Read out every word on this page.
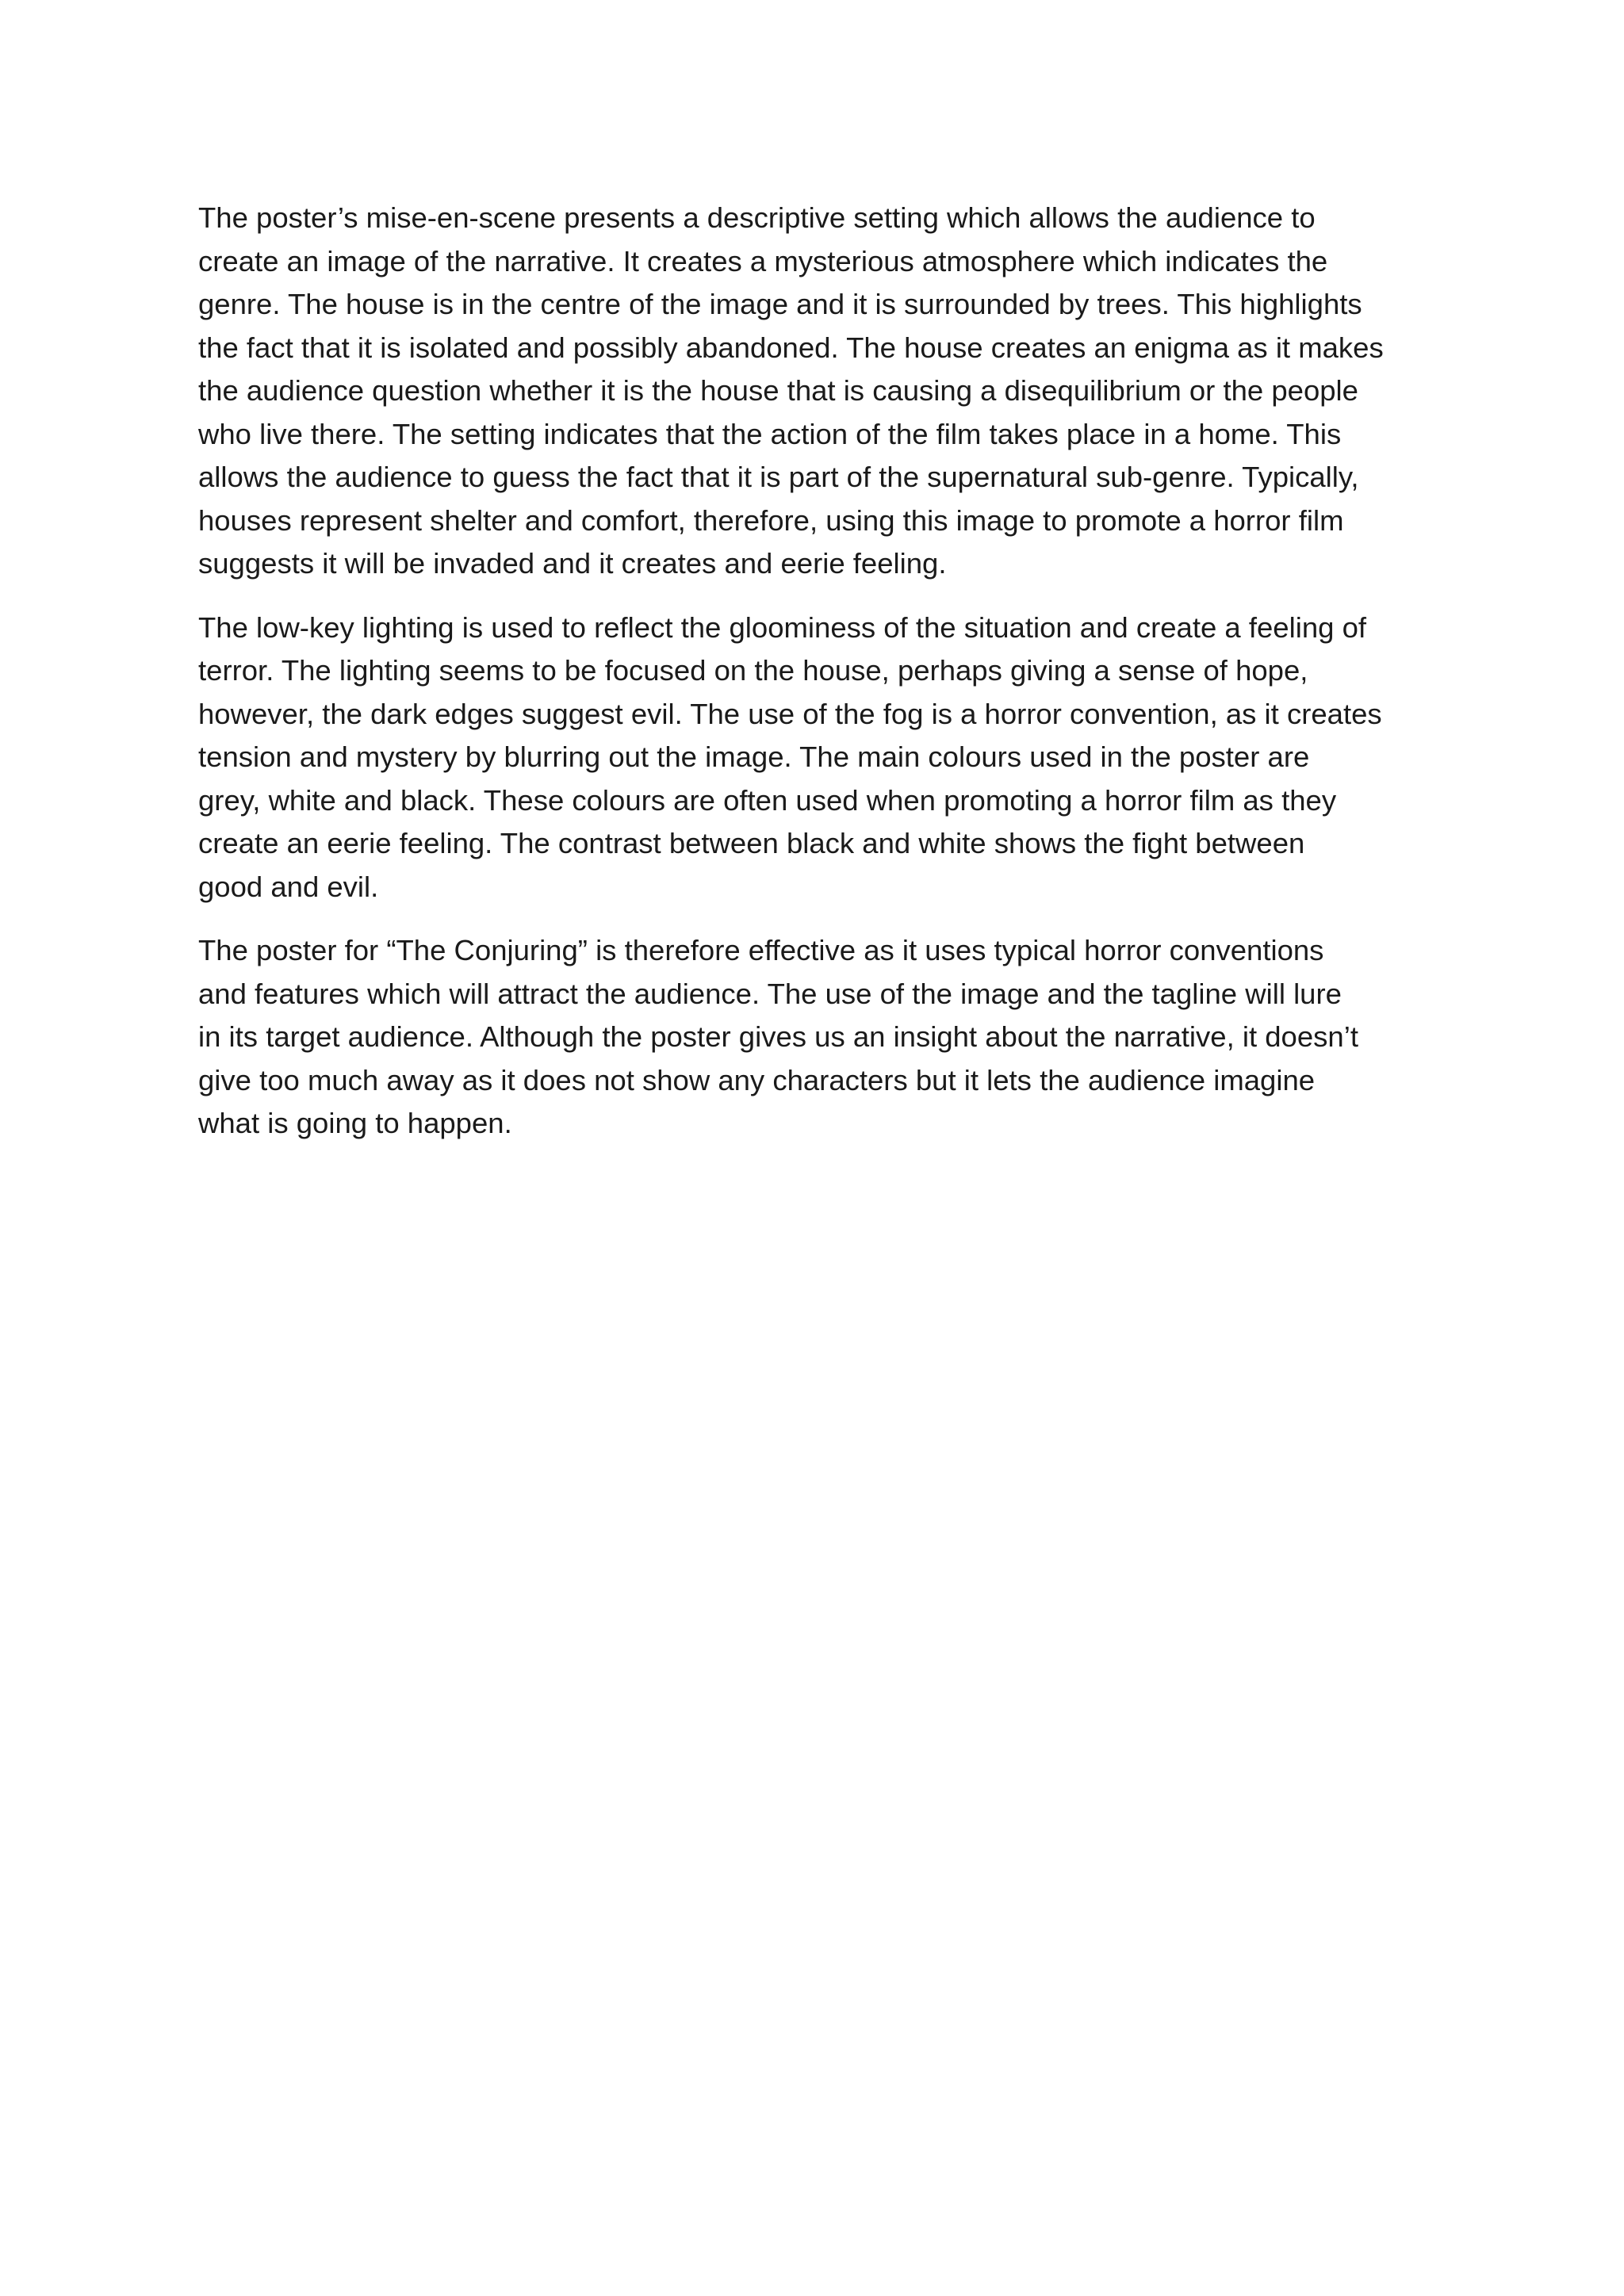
The poster’s mise-en-scene presents a descriptive setting which allows the audience to
create an image of the narrative. It creates a mysterious atmosphere which indicates the
genre. The house is in the centre of the image and it is surrounded by trees. This highlights
the fact that it is isolated and possibly abandoned. The house creates an enigma as it makes
the audience question whether it is the house that is causing a disequilibrium or the people
who live there. The setting indicates that the action of the film takes place in a home. This
allows the audience to guess the fact that it is part of the supernatural sub-genre. Typically,
houses represent shelter and comfort, therefore, using this image to promote a horror film
suggests it will be invaded and it creates and eerie feeling.

The low-key lighting is used to reflect the gloominess of the situation and create a feeling of
terror. The lighting seems to be focused on the house, perhaps giving a sense of hope,
however, the dark edges suggest evil. The use of the fog is a horror convention, as it creates
tension and mystery by blurring out the image. The main colours used in the poster are
grey, white and black. These colours are often used when promoting a horror film as they
create an eerie feeling. The contrast between black and white shows the fight between
good and evil.

The poster for “The Conjuring” is therefore effective as it uses typical horror conventions
and features which will attract the audience. The use of the image and the tagline will lure
in its target audience. Although the poster gives us an insight about the narrative, it doesn’t
give too much away as it does not show any characters but it lets the audience imagine
what is going to happen.
